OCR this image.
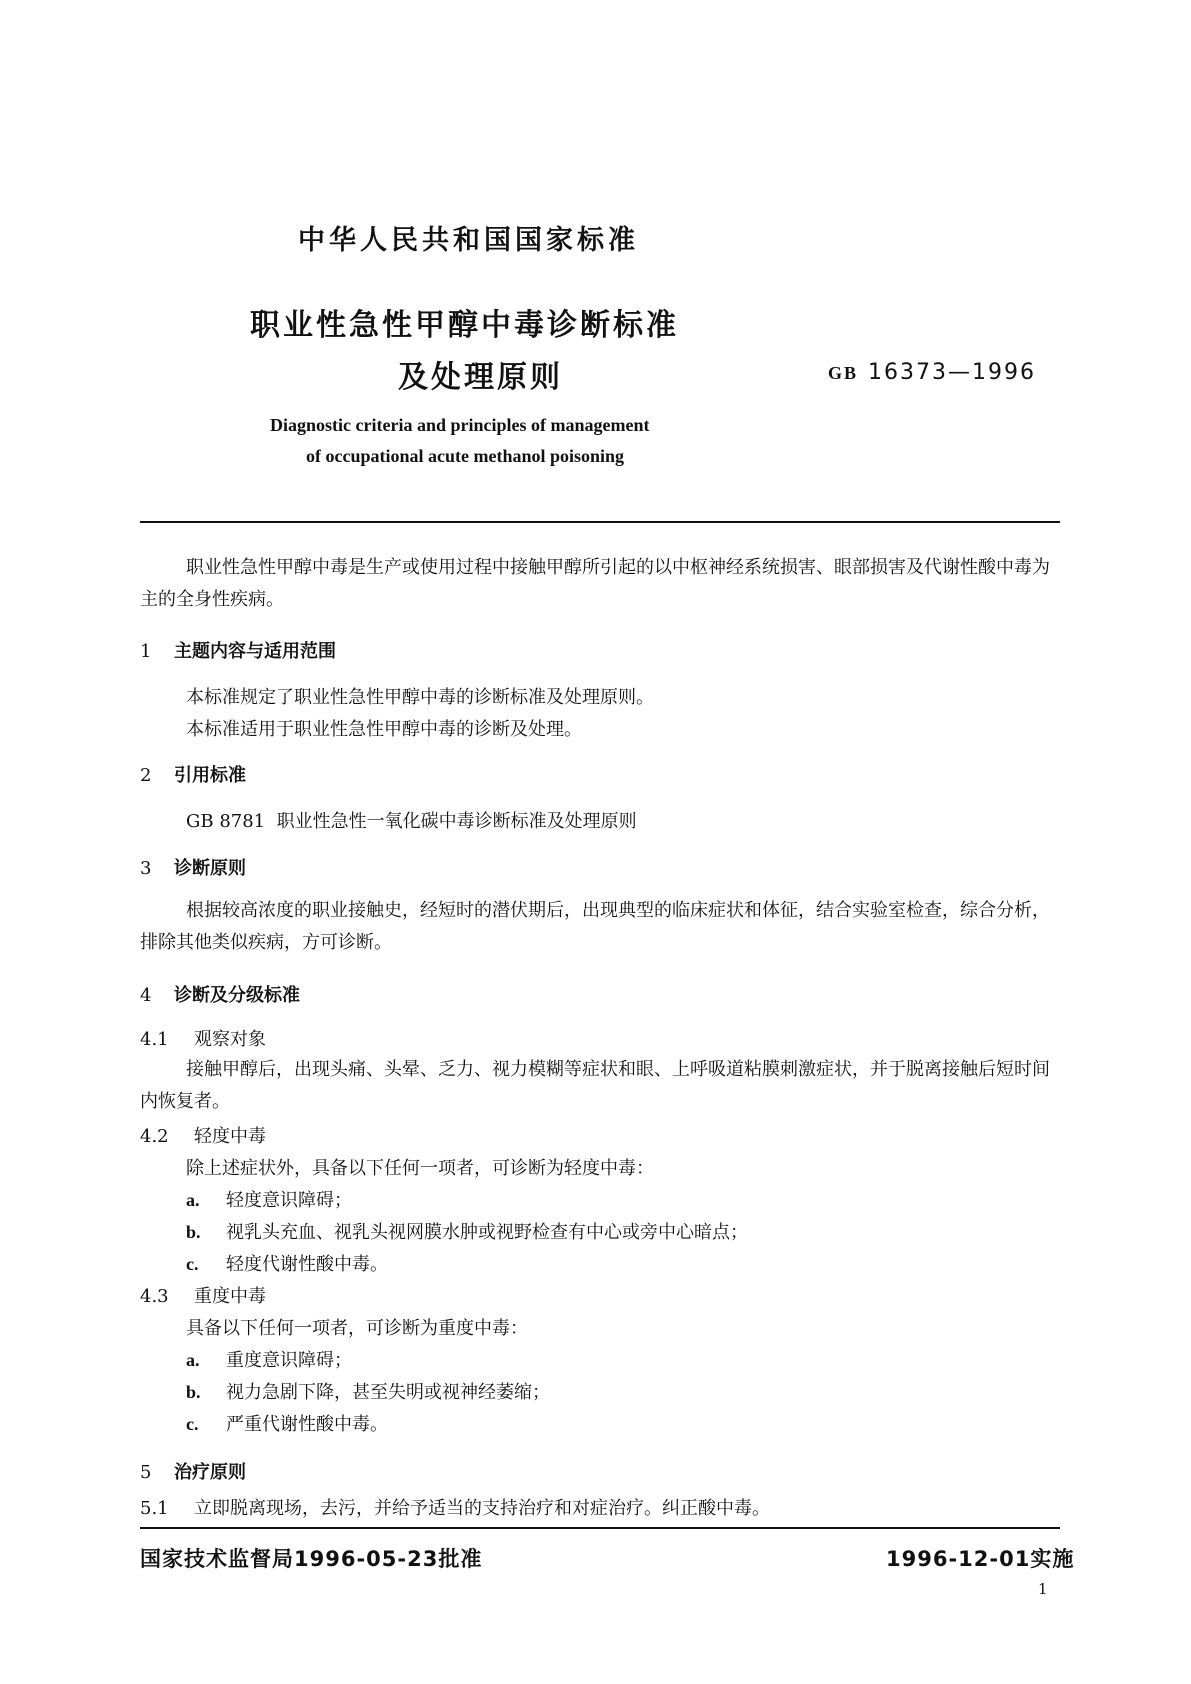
中华人民共和国国家标准
职业性急性甲醇中毒诊断标准
及处理原则	GB 16373—1996
Diagnostic criteria and principles of management
of occupational acute methanol poisoning
职业性急性甲醇中毒是生产或使用过程中接触甲醇所引起的以中枢神经系统损害、眼部损害及代谢性酸中毒为主的全身性疾病。
1 主题内容与适用范围
本标准规定了职业性急性甲醇中毒的诊断标准及处理原则。
本标准适用于职业性急性甲醇中毒的诊断及处理。
2 引用标准
GB 8781  职业性急性一氧化碳中毒诊断标准及处理原则
3 诊断原则
根据较高浓度的职业接触史，经短时的潜伏期后，出现典型的临床症状和体征，结合实验室检查，综合分析，排除其他类似疾病，方可诊断。
4 诊断及分级标准
4.1 观察对象
接触甲醇后，出现头痛、头晕、乏力、视力模糊等症状和眼、上呼吸道粘膜刺激症状，并于脱离接触后短时间内恢复者。
4.2 轻度中毒
除上述症状外，具备以下任何一项者，可诊断为轻度中毒：
a. 轻度意识障碍；
b. 视乳头充血、视乳头视网膜水肿或视野检查有中心或旁中心暗点；
c. 轻度代谢性酸中毒。
4.3 重度中毒
具备以下任何一项者，可诊断为重度中毒：
a. 重度意识障碍；
b. 视力急剧下降，甚至失明或视神经萎缩；
c. 严重代谢性酸中毒。
5 治疗原则
5.1 立即脱离现场，去污，并给予适当的支持治疗和对症治疗。纠正酸中毒。
国家技术监督局1996-05-23批准	1996-12-01实施
1
